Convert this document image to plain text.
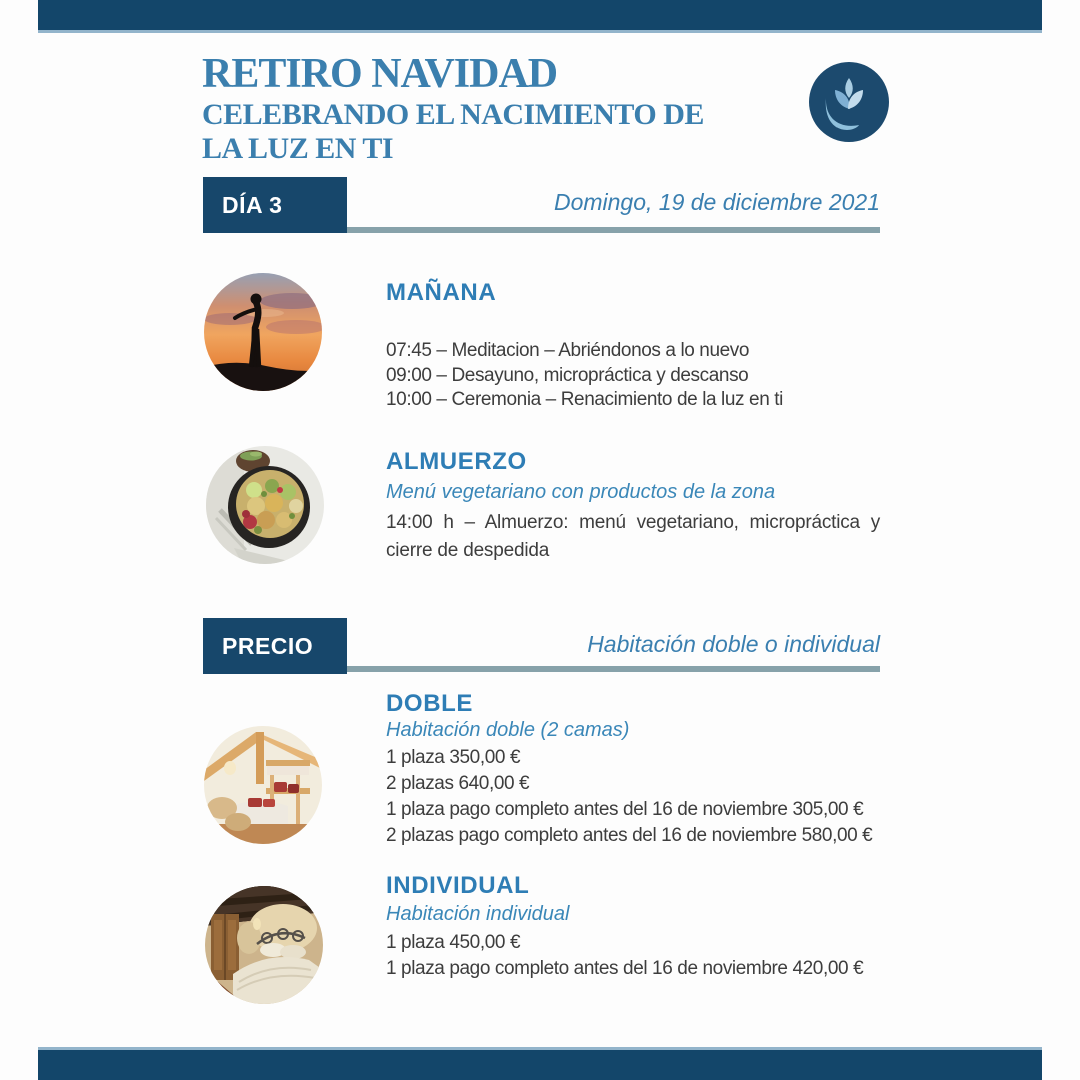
RETIRO NAVIDAD
CELEBRANDO EL NACIMIENTO DE LA LUZ EN TI
DÍA 3	Domingo, 19 de diciembre 2021
MAÑANA
07:45 – Meditacion – Abriéndonos a lo nuevo
09:00 – Desayuno, micropráctica y descanso
10:00 – Ceremonia – Renacimiento de la luz en ti
ALMUERZO
Menú vegetariano con productos de la zona
14:00 h – Almuerzo: menú vegetariano, micropráctica y cierre de despedida
PRECIO	Habitación doble o individual
DOBLE
Habitación doble (2 camas)
1 plaza 350,00 €
2 plazas 640,00 €
1 plaza pago completo antes del 16 de noviembre 305,00 €
2 plazas pago completo antes del 16 de noviembre 580,00 €
INDIVIDUAL
Habitación individual
1 plaza 450,00 €
1 plaza pago completo antes del 16 de noviembre 420,00 €
